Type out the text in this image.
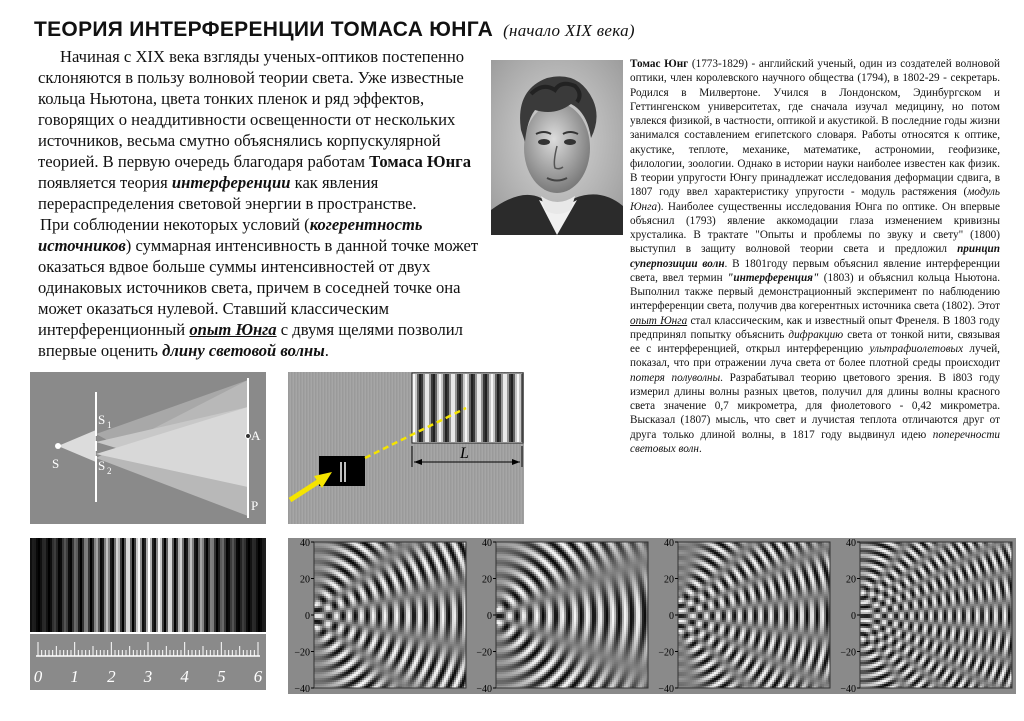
ТЕОРИЯ ИНТЕРФЕРЕНЦИИ ТОМАСА ЮНГА (начало XIX века)

Начиная с XIX века взгляды ученых-оптиков постепенно склоняются в пользу волновой теории света. Уже известные кольца Ньютона, цвета тонких пленок и ряд эффектов, говорящих о неаддитивности освещенности от нескольких источников, весьма смутно объяснялись корпускулярной теорией. В первую очередь благодаря работам Томаса Юнга появляется теория интерференции как явления перераспределения световой энергии в пространстве.

При соблюдении некоторых условий (когерентность источников) суммарная интенсивность в данной точке может оказаться вдвое больше суммы интенсивностей от двух одинаковых источников света, причем в соседней точке она может оказаться нулевой. Ставший классическим интерференционный опыт Юнга с двумя щелями позволил впервые оценить длину световой волны.

Томас Юнг (1773-1829) - английский ученый, один из создателей волновой оптики, член королевского научного общества (1794), в 1802-29 - секретарь. Родился в Милвертоне. Учился в Лондонском, Эдинбургском и Геттингенском университетах, где сначала изучал медицину, но потом увлекся физикой, в частности, оптикой и акустикой. В последние годы жизни занимался составлением египетского словаря. Работы относятся к оптике, акустике, теплоте, механике, математике, астрономии, геофизике, филологии, зоологии. Однако в истории науки наиболее известен как физик. В теории упругости Юнгу принадлежат исследования деформации сдвига, в 1807 году ввел характеристику упругости - модуль растяжения (модуль Юнга). Наиболее существенны исследования Юнга по оптике. Он впервые объяснил (1793) явление аккомодации глаза изменением кривизны хрусталика. В трактате "Опыты и проблемы по звуку и свету" (1800) выступил в защиту волновой теории света и предложил принцип суперпозиции волн. В 1801году первым объяснил явление интерференции света, ввел термин "интерференция" (1803) и объяснил кольца Ньютона. Выполнил также первый демонстрационный эксперимент по наблюдению интерференции света, получив два когерентных источника света (1802). Этот опыт Юнга стал классическим, как и известный опыт Френеля. В 1803 году предпринял попытку объяснить дифракцию света от тонкой нити, связывая ее с интерференцией, открыл интерференцию ультрафиолетовых лучей, показал, что при отражении луча света от более плотной среды происходит потеря полуволны. Разрабатывал теорию цветового зрения. В i803 году измерил длины волны разных цветов, получил для длины волны красного света значение 0,7 микрометра, для фиолетового - 0,42 микрометра. Высказал (1807) мысль, что свет и лучистая теплота отличаются друг от друга только длиной волны, в 1817 году выдвинул идею поперечности световых волн.
S
S 1
S 2
A
P
L
0 1 2 3 4 5 6
40
20
0
−20
−40
40
20
0
−20
−40
40
20
0
−20
−40
40
20
0
−20
−40
